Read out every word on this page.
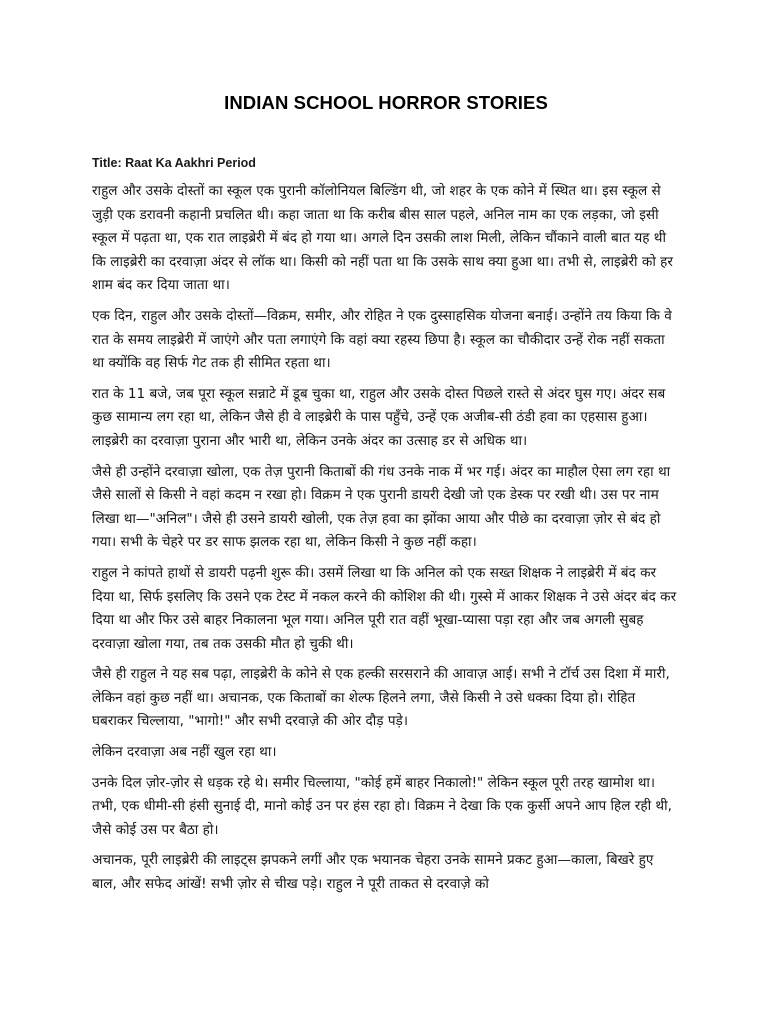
INDIAN SCHOOL HORROR STORIES
Title: Raat Ka Aakhri Period

राहुल और उसके दोस्तों का स्कूल एक पुरानी कॉलोनियल बिल्डिंग थी, जो शहर के एक कोने में स्थित था। इस स्कूल से जुड़ी एक डरावनी कहानी प्रचलित थी। कहा जाता था कि करीब बीस साल पहले, अनिल नाम का एक लड़का, जो इसी स्कूल में पढ़ता था, एक रात लाइब्रेरी में बंद हो गया था। अगले दिन उसकी लाश मिली, लेकिन चौंकाने वाली बात यह थी कि लाइब्रेरी का दरवाज़ा अंदर से लॉक था। किसी को नहीं पता था कि उसके साथ क्या हुआ था। तभी से, लाइब्रेरी को हर शाम बंद कर दिया जाता था।

एक दिन, राहुल और उसके दोस्तों—विक्रम, समीर, और रोहित ने एक दुस्साहसिक योजना बनाई। उन्होंने तय किया कि वे रात के समय लाइब्रेरी में जाएंगे और पता लगाएंगे कि वहां क्या रहस्य छिपा है। स्कूल का चौकीदार उन्हें रोक नहीं सकता था क्योंकि वह सिर्फ गेट तक ही सीमित रहता था।

रात के 11 बजे, जब पूरा स्कूल सन्नाटे में डूब चुका था, राहुल और उसके दोस्त पिछले रास्ते से अंदर घुस गए। अंदर सब कुछ सामान्य लग रहा था, लेकिन जैसे ही वे लाइब्रेरी के पास पहुँचे, उन्हें एक अजीब-सी ठंडी हवा का एहसास हुआ। लाइब्रेरी का दरवाज़ा पुराना और भारी था, लेकिन उनके अंदर का उत्साह डर से अधिक था।

जैसे ही उन्होंने दरवाज़ा खोला, एक तेज़ पुरानी किताबों की गंध उनके नाक में भर गई। अंदर का माहौल ऐसा लग रहा था जैसे सालों से किसी ने वहां कदम न रखा हो। विक्रम ने एक पुरानी डायरी देखी जो एक डेस्क पर रखी थी। उस पर नाम लिखा था—"अनिल"। जैसे ही उसने डायरी खोली, एक तेज़ हवा का झोंका आया और पीछे का दरवाज़ा ज़ोर से बंद हो गया। सभी के चेहरे पर डर साफ झलक रहा था, लेकिन किसी ने कुछ नहीं कहा।

राहुल ने कांपते हाथों से डायरी पढ़नी शुरू की। उसमें लिखा था कि अनिल को एक सख्त शिक्षक ने लाइब्रेरी में बंद कर दिया था, सिर्फ इसलिए कि उसने एक टेस्ट में नकल करने की कोशिश की थी। गुस्से में आकर शिक्षक ने उसे अंदर बंद कर दिया था और फिर उसे बाहर निकालना भूल गया। अनिल पूरी रात वहीं भूखा-प्यासा पड़ा रहा और जब अगली सुबह दरवाज़ा खोला गया, तब तक उसकी मौत हो चुकी थी।

जैसे ही राहुल ने यह सब पढ़ा, लाइब्रेरी के कोने से एक हल्की सरसराने की आवाज़ आई। सभी ने टॉर्च उस दिशा में मारी, लेकिन वहां कुछ नहीं था। अचानक, एक किताबों का शेल्फ हिलने लगा, जैसे किसी ने उसे धक्का दिया हो। रोहित घबराकर चिल्लाया, "भागो!" और सभी दरवाज़े की ओर दौड़ पड़े।

लेकिन दरवाज़ा अब नहीं खुल रहा था।

उनके दिल ज़ोर-ज़ोर से धड़क रहे थे। समीर चिल्लाया, "कोई हमें बाहर निकालो!" लेकिन स्कूल पूरी तरह खामोश था। तभी, एक धीमी-सी हंसी सुनाई दी, मानो कोई उन पर हंस रहा हो। विक्रम ने देखा कि एक कुर्सी अपने आप हिल रही थी, जैसे कोई उस पर बैठा हो।

अचानक, पूरी लाइब्रेरी की लाइट्स झपकने लगीं और एक भयानक चेहरा उनके सामने प्रकट हुआ—काला, बिखरे हुए बाल, और सफेद आंखें! सभी ज़ोर से चीख पड़े। राहुल ने पूरी ताकत से दरवाज़े को
